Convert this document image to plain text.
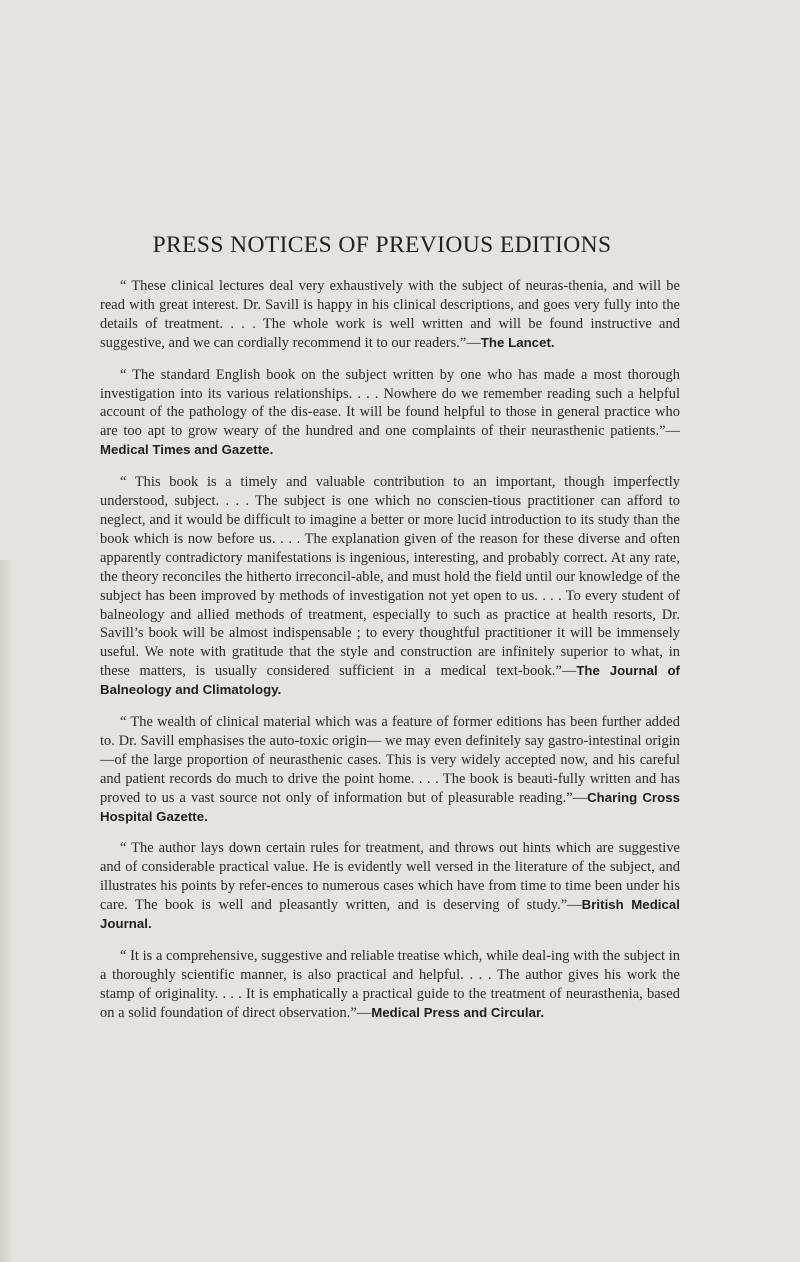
PRESS NOTICES OF PREVIOUS EDITIONS

“ These clinical lectures deal very exhaustively with the subject of neuras-thenia, and will be read with great interest. Dr. Savill is happy in his clinical descriptions, and goes very fully into the details of treatment. . . . The whole work is well written and will be found instructive and suggestive, and we can cordially recommend it to our readers.”—The Lancet.

“ The standard English book on the subject written by one who has made a most thorough investigation into its various relationships. . . . Nowhere do we remember reading such a helpful account of the pathology of the dis-ease. It will be found helpful to those in general practice who are too apt to grow weary of the hundred and one complaints of their neurasthenic patients.”—Medical Times and Gazette.

“ This book is a timely and valuable contribution to an important, though imperfectly understood, subject. . . . The subject is one which no conscien-tious practitioner can afford to neglect, and it would be difficult to imagine a better or more lucid introduction to its study than the book which is now before us. . . . The explanation given of the reason for these diverse and often apparently contradictory manifestations is ingenious, interesting, and probably correct. At any rate, the theory reconciles the hitherto irreconcil-able, and must hold the field until our knowledge of the subject has been improved by methods of investigation not yet open to us. . . . To every student of balneology and allied methods of treatment, especially to such as practice at health resorts, Dr. Savill’s book will be almost indispensable ; to every thoughtful practitioner it will be immensely useful. We note with gratitude that the style and construction are infinitely superior to what, in these matters, is usually considered sufficient in a medical text-book.”—The Journal of Balneology and Climatology.

“ The wealth of clinical material which was a feature of former editions has been further added to. Dr. Savill emphasises the auto-toxic origin— we may even definitely say gastro-intestinal origin—of the large proportion of neurasthenic cases. This is very widely accepted now, and his careful and patient records do much to drive the point home. . . . The book is beauti-fully written and has proved to us a vast source not only of information but of pleasurable reading.”—Charing Cross Hospital Gazette.

“ The author lays down certain rules for treatment, and throws out hints which are suggestive and of considerable practical value. He is evidently well versed in the literature of the subject, and illustrates his points by refer-ences to numerous cases which have from time to time been under his care. The book is well and pleasantly written, and is deserving of study.”—British Medical Journal.

“ It is a comprehensive, suggestive and reliable treatise which, while deal-ing with the subject in a thoroughly scientific manner, is also practical and helpful. . . . The author gives his work the stamp of originality. . . . It is emphatically a practical guide to the treatment of neurasthenia, based on a solid foundation of direct observation.”—Medical Press and Circular.
